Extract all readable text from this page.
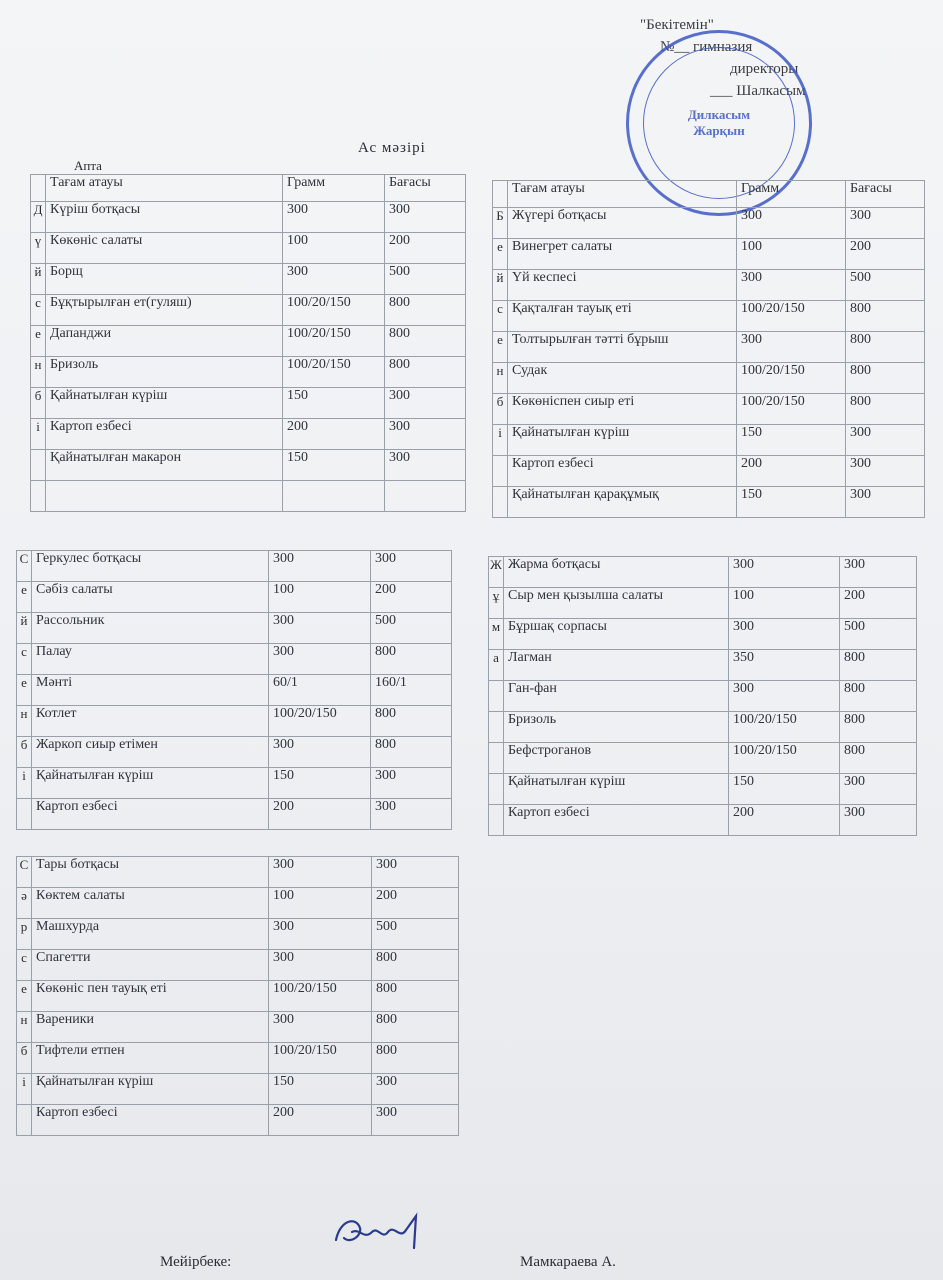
"Бекітемін"
№__ гимназия
директоры
___ Шалкасым
Дилкасым
Жарқын
Ас мәзірі
Апта
	Тағам атауы	Грамм	Бағасы
Д	Күріш ботқасы	300	300
ү	Көкөніс салаты	100	200
й	Борщ	300	500
с	Бұқтырылған ет(гуляш)	100/20/150	800
е	Дапанджи	100/20/150	800
н	Бризоль	100/20/150	800
б	Қайнатылған күріш	150	300
і	Картоп езбесі	200	300
	Қайнатылған макарон	150	300

	Тағам атауы	Грамм	Бағасы
Б	Жүгері ботқасы	300	300
е	Винегрет салаты	100	200
й	Үй кеспесі	300	500
с	Қақталған тауық еті	100/20/150	800
е	Толтырылған тәтті бұрыш	300	800
н	Судак	100/20/150	800
б	Көкөніспен сиыр еті	100/20/150	800
і	Қайнатылған күріш	150	300
	Картоп езбесі	200	300
	Қайнатылған қарақұмық	150	300
С	Геркулес ботқасы	300	300
е	Сәбіз салаты	100	200
й	Рассольник	300	500
с	Палау	300	800
е	Мәнті	60/1	160/1
н	Котлет	100/20/150	800
б	Жаркоп сиыр етімен	300	800
і	Қайнатылған күріш	150	300
	Картоп езбесі	200	300
Ж	Жарма ботқасы	300	300
ұ	Сыр мен қызылша салаты	100	200
м	Бұршақ сорпасы	300	500
а	Лагман	350	800
	Ган-фан	300	800
	Бризоль	100/20/150	800
	Бефстроганов	100/20/150	800
	Қайнатылған күріш	150	300
	Картоп езбесі	200	300
С	Тары ботқасы	300	300
ә	Көктем салаты	100	200
р	Машхурда	300	500
с	Спагетти	300	800
е	Көкөніс пен тауық еті	100/20/150	800
н	Вареники	300	800
б	Тифтели етпен	100/20/150	800
і	Қайнатылған күріш	150	300
	Картоп езбесі	200	300
Мейірбеке:	Мамкараева А.
